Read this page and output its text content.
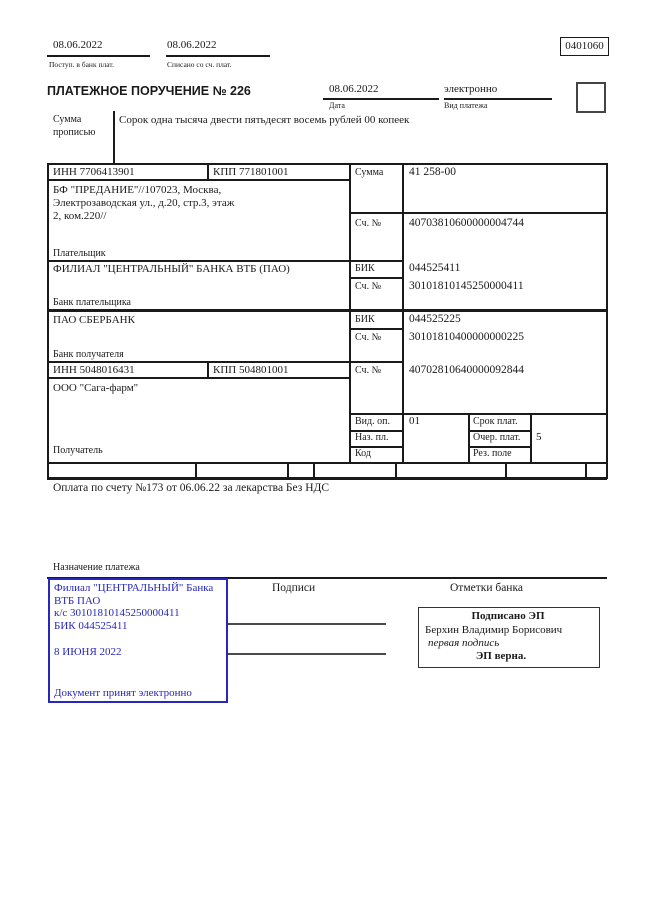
08.06.2022
Поступ. в банк плат.
08.06.2022
Списано со сч. плат.
0401060
ПЛАТЕЖНОЕ ПОРУЧЕНИЕ № 226	08.06.2022
Дата
электронно
Вид платежа
Сумма
прописью
Сорок одна тысяча двести пятьдесят восемь рублей 00 копеек
ИНН 7706413901	КПП 771801001	Сумма 41 258-00
БФ "ПРЕДАНИЕ"//107023, Москва,
Электрозаводская ул., д.20, стр.3, этаж
2, ком.220//
Сч. № 40703810600000004744
Плательщик
ФИЛИАЛ "ЦЕНТРАЛЬНЫЙ" БАНКА ВТБ (ПАО)	БИК	044525411
Сч. № 30101810145250000411
Банк плательщика
ПАО СБЕРБАНК	БИК	044525225
Сч. № 30101810400000000225
Банк получателя
ИНН 5048016431	КПП 504801001	Сч. № 40702810640000092844
ООО "Сага-фарм"
Получатель
Вид. оп. 01	Срок плат.
Наз. пл.	Очер. плат. 5
Код	Рез. поле
Оплата по счету №173 от 06.06.22 за лекарства Без НДС
Назначение платежа
Подписи	Отметки банка
Филиал "ЦЕНТРАЛЬНЫЙ" Банка
ВТБ ПАО
к/с 30101810145250000411
БИК 044525411
8 ИЮНЯ 2022
Документ принят электронно
Подписано ЭП
Берхин Владимир Борисович
первая подпись
ЭП верна.
